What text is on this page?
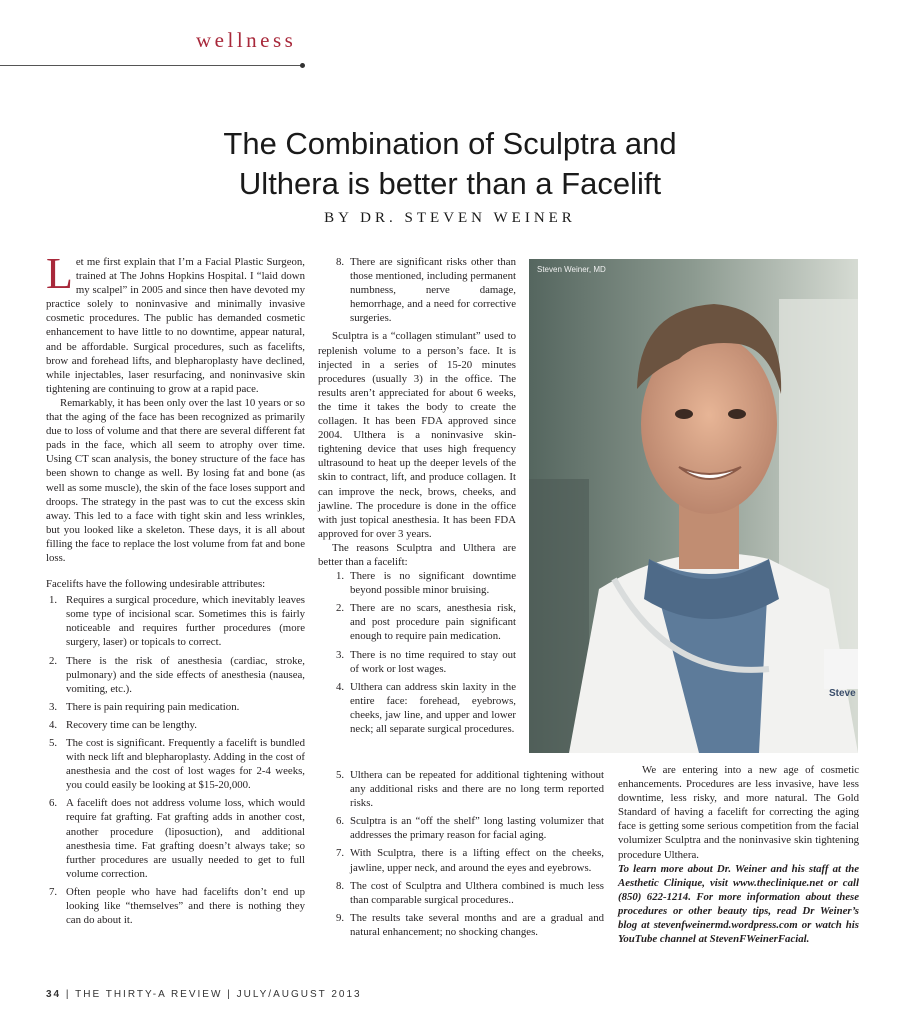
wellness
The Combination of Sculptra and
Ulthera is better than a Facelift
BY DR. STEVEN WEINER

Let me first explain that I’m a Facial Plastic Surgeon, trained at The Johns Hopkins Hospital. I “laid down my scalpel” in 2005 and since then have devoted my practice solely to noninvasive and minimally invasive cosmetic procedures. The public has demanded cosmetic enhancement to have little to no downtime, appear natural, and be affordable. Surgical procedures, such as facelifts, brow and forehead lifts, and blepharoplasty have declined, while injectables, laser resurfacing, and noninvasive skin tightening are continuing to grow at a rapid pace.

Remarkably, it has been only over the last 10 years or so that the aging of the face has been recognized as primarily due to loss of volume and that there are several different fat pads in the face, which all seem to atrophy over time. Using CT scan analysis, the boney structure of the face has been shown to change as well. By losing fat and bone (as well as some muscle), the skin of the face loses support and droops. The strategy in the past was to cut the excess skin away. This led to a face with tight skin and less wrinkles, but you looked like a skeleton. These days, it is all about filling the face to replace the lost volume from fat and bone loss.

Facelifts have the following undesirable attributes:

1. Requires a surgical procedure, which inevitably leaves some type of incisional scar. Sometimes this is fairly noticeable and requires further procedures (more surgery, laser) or topicals to correct.
2. There is the risk of anesthesia (cardiac, stroke, pulmonary) and the side effects of anesthesia (nausea, vomiting, etc.).
3. There is pain requiring pain medication.
4. Recovery time can be lengthy.
5. The cost is significant. Frequently a facelift is bundled with neck lift and blepharoplasty. Adding in the cost of anesthesia and the cost of lost wages for 2-4 weeks, you could easily be looking at $15-20,000.
6. A facelift does not address volume loss, which would require fat grafting. Fat grafting adds in another cost, another procedure (liposuction), and additional anesthesia time. Fat grafting doesn’t always take; so further procedures are usually needed to get to full volume correction.
7. Often people who have had facelifts don’t end up looking like “themselves” and there is nothing they can do about it.
8. There are significant risks other than those mentioned, including permanent numbness, nerve damage, hemorrhage, and a need for corrective surgeries.

Sculptra is a “collagen stimulant” used to replenish volume to a person’s face. It is injected in a series of 15-20 minutes procedures (usually 3) in the office. The results aren’t appreciated for about 6 weeks, the time it takes the body to create the collagen. It has been FDA approved since 2004. Ulthera is a noninvasive skin-tightening device that uses high frequency ultrasound to heat up the deeper levels of the skin to contract, lift, and produce collagen. It can improve the neck, brows, cheeks, and jawline. The procedure is done in the office with just topical anesthesia. It has been FDA approved for over 3 years.

The reasons Sculptra and Ulthera are better than a facelift:

1. There is no significant downtime beyond possible minor bruising.
2. There are no scars, anesthesia risk, and post procedure pain significant enough to require pain medication.
3. There is no time required to stay out of work or lost wages.
4. Ulthera can address skin laxity in the entire face: forehead, eyebrows, cheeks, jaw line, and upper and lower neck; all separate surgical procedures.
5. Ulthera can be repeated for additional tightening without any additional risks and there are no long term reported risks.
6. Sculptra is an “off the shelf” long lasting volumizer that addresses the primary reason for facial aging.
7. With Sculptra, there is a lifting effect on the cheeks, jawline, upper neck, and around the eyes and eyebrows.
8. The cost of Sculptra and Ulthera combined is much less than comparable surgical procedures..
9. The results take several months and are a gradual and natural enhancement; no shocking changes.
Steve
Steven Weiner, MD

We are entering into a new age of cosmetic enhancements. Procedures are less invasive, have less downtime, less risky, and more natural. The Gold Standard of having a facelift for correcting the aging face is getting some serious competition from the facial volumizer Sculptra and the noninvasive skin tightening procedure Ulthera.

To learn more about Dr. Weiner and his staff at the Aesthetic Clinique, visit www.theclinique.net or call (850) 622-1214. For more information about these procedures or other beauty tips, read Dr Weiner’s blog at stevenfweinermd.wordpress.com or watch his YouTube channel at StevenFWeinerFacial.

34 | THE THIRTY-A REVIEW | JULY/AUGUST 2013
